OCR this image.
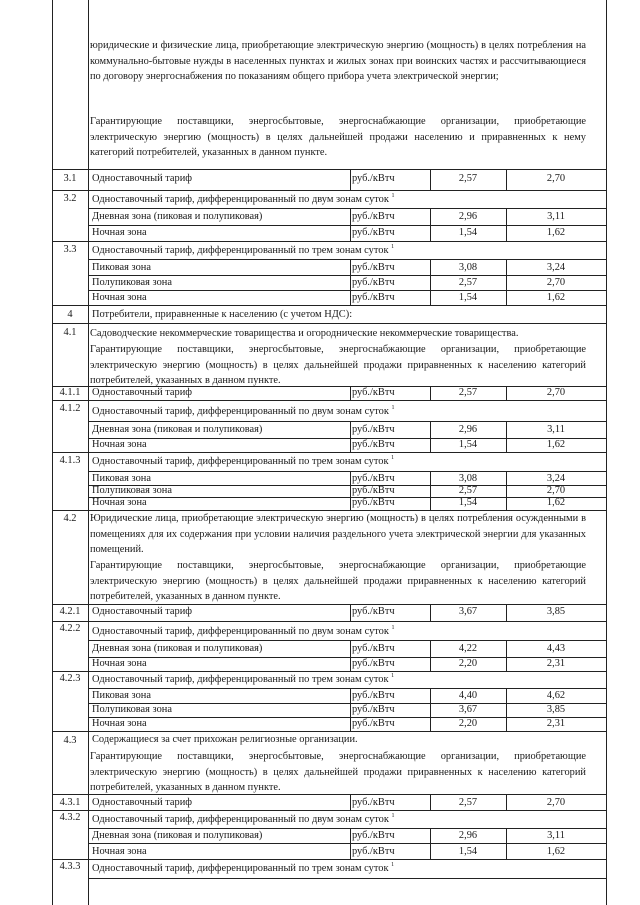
юридические и физические лица, приобретающие электрическую энергию (мощность) в целях потребления на коммунально-бытовые нужды в населенных пунктах и жилых зонах при воинских частях и рассчитывающиеся по договору энергоснабжения по показаниям общего прибора учета электрической энергии;
Гарантирующие поставщики, энергосбытовые, энергоснабжающие организации, приобретающие электрическую энергию (мощность) в целях дальнейшей продажи населению и приравненных к нему категорий потребителей, указанных в данном пункте.
3.1	Одноставочный тариф	руб./кВтч	2,57	2,70
3.2	Одноставочный тариф, дифференцированный по двум зонам суток $^1$
Дневная зона (пиковая и полупиковая)	руб./кВтч	2,96	3,11
Ночная зона	руб./кВтч	1,54	1,62
3.3	Одноставочный тариф, дифференцированный по трем зонам суток $^1$
Пиковая зона	руб./кВтч	3,08	3,24
Полупиковая зона	руб./кВтч	2,57	2,70
Ночная зона	руб./кВтч	1,54	1,62
4	Потребители, приравненные к населению (с учетом НДС):
4.1	Садоводческие некоммерческие товарищества и огороднические некоммерческие товарищества.
Гарантирующие поставщики, энергосбытовые, энергоснабжающие организации, приобретающие электрическую энергию (мощность) в целях дальнейшей продажи приравненных к населению категорий потребителей, указанных в данном пункте.
4.1.1	Одноставочный тариф	руб./кВтч	2,57	2,70
4.1.2	Одноставочный тариф, дифференцированный по двум зонам суток $^1$
Дневная зона (пиковая и полупиковая)	руб./кВтч	2,96	3,11
Ночная зона	руб./кВтч	1,54	1,62
4.1.3	Одноставочный тариф, дифференцированный по трем зонам суток $^1$
Пиковая зона	руб./кВтч	3,08	3,24
Полупиковая зона	руб./кВтч	2,57	2,70
Ночная зона	руб./кВтч	1,54	1,62
4.2	Юридические лица, приобретающие электрическую энергию (мощность) в целях потребления осужденными в помещениях для их содержания при условии наличия раздельного учета электрической энергии для указанных помещений.
Гарантирующие поставщики, энергосбытовые, энергоснабжающие организации, приобретающие электрическую энергию (мощность) в целях дальнейшей продажи приравненных к населению категорий потребителей, указанных в данном пункте.
4.2.1	Одноставочный тариф	руб./кВтч	3,67	3,85
4.2.2	Одноставочный тариф, дифференцированный по двум зонам суток $^1$
Дневная зона (пиковая и полупиковая)	руб./кВтч	4,22	4,43
Ночная зона	руб./кВтч	2,20	2,31
4.2.3	Одноставочный тариф, дифференцированный по трем зонам суток $^1$
Пиковая зона	руб./кВтч	4,40	4,62
Полупиковая зона	руб./кВтч	3,67	3,85
Ночная зона	руб./кВтч	2,20	2,31
4.3	Содержащиеся за счет прихожан религиозные организации.
Гарантирующие поставщики, энергосбытовые, энергоснабжающие организации, приобретающие электрическую энергию (мощность) в целях дальнейшей продажи приравненных к населению категорий потребителей, указанных в данном пункте.
4.3.1	Одноставочный тариф	руб./кВтч	2,57	2,70
4.3.2	Одноставочный тариф, дифференцированный по двум зонам суток $^1$
Дневная зона (пиковая и полупиковая)	руб./кВтч	2,96	3,11
Ночная зона	руб./кВтч	1,54	1,62
4.3.3	Одноставочный тариф, дифференцированный по трем зонам суток $^1$
